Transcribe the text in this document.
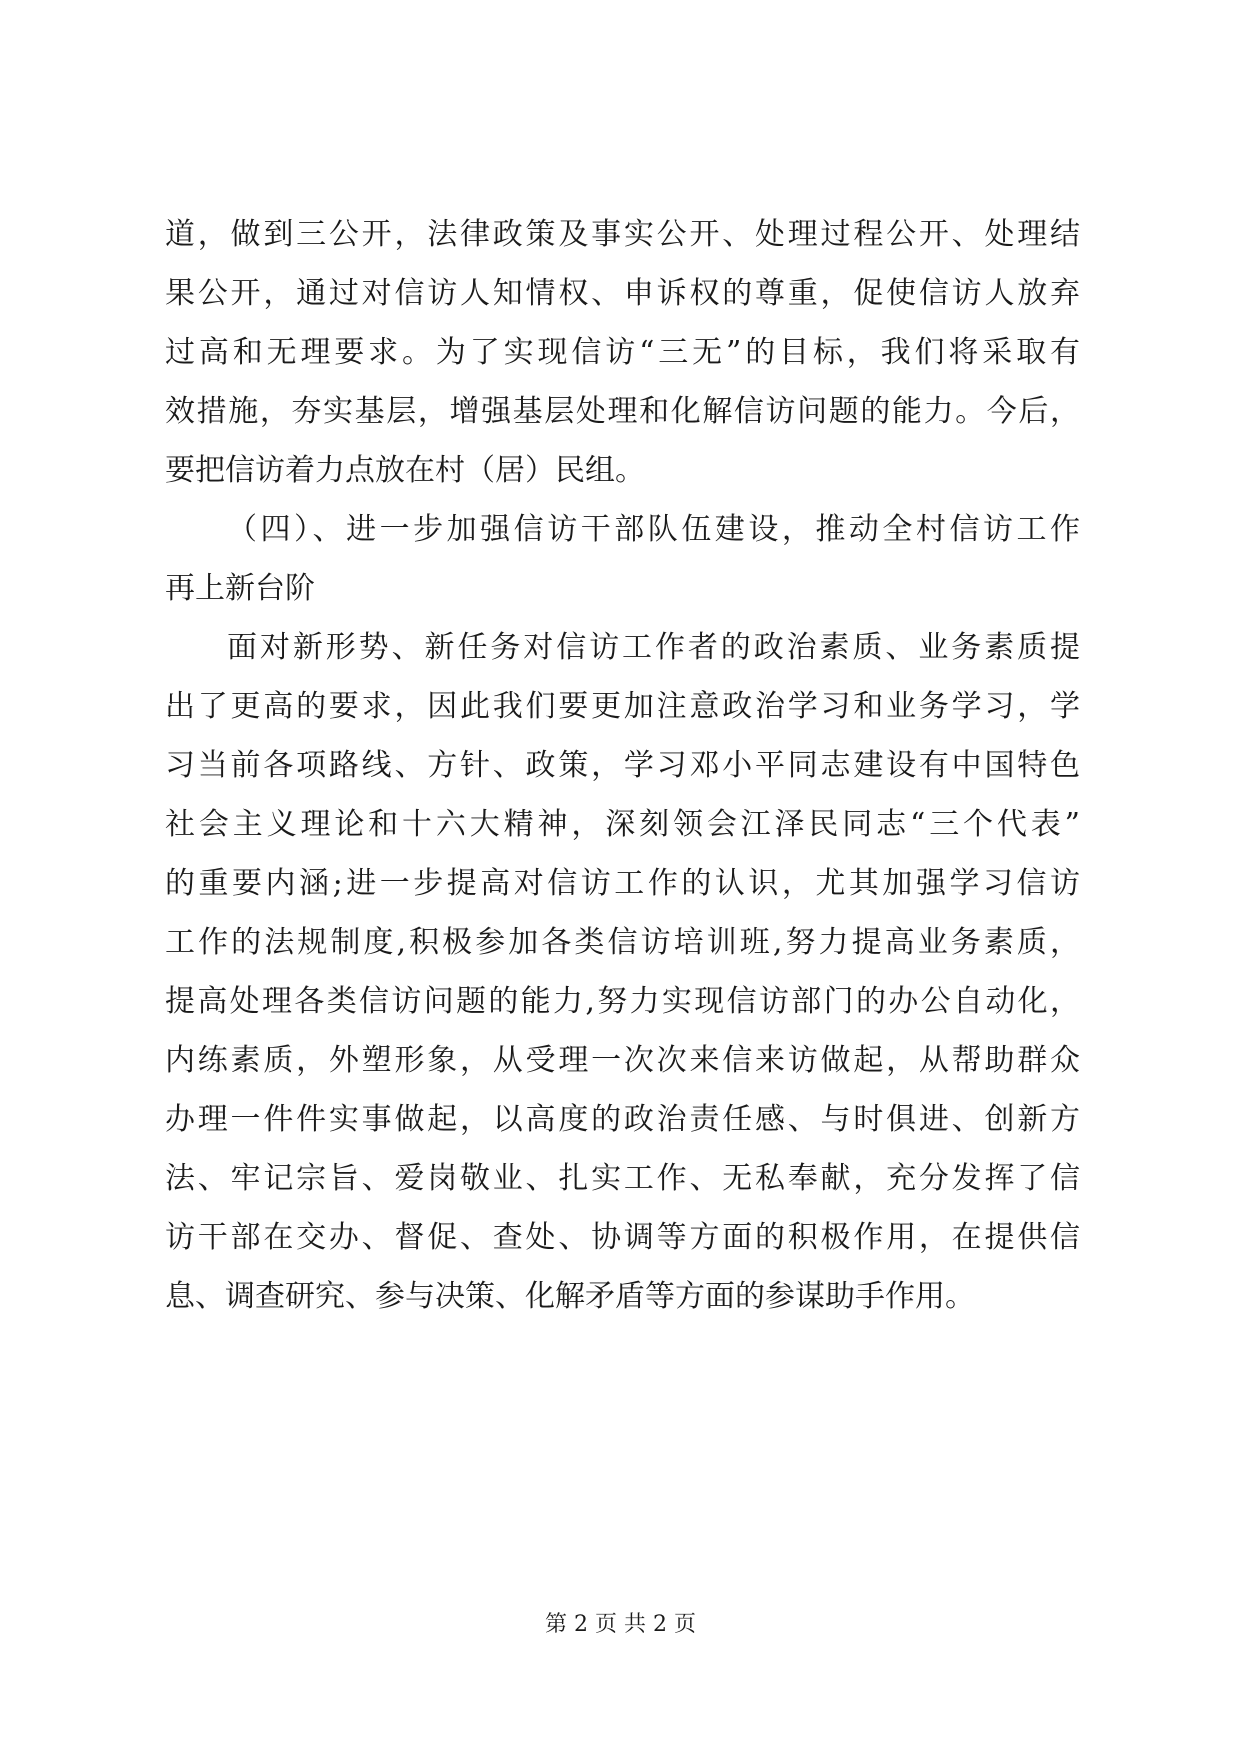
道，做到三公开，法律政策及事实公开、处理过程公开、处理结
果公开，通过对信访人知情权、申诉权的尊重，促使信访人放弃
过高和无理要求。为了实现信访“三无”的目标，我们将采取有
效措施，夯实基层，增强基层处理和化解信访问题的能力。今后，
要把信访着力点放在村（居）民组。
（四）、进一步加强信访干部队伍建设，推动全村信访工作
再上新台阶
面对新形势、新任务对信访工作者的政治素质、业务素质提
出了更高的要求，因此我们要更加注意政治学习和业务学习，学
习当前各项路线、方针、政策，学习邓小平同志建设有中国特色
社会主义理论和十六大精神，深刻领会江泽民同志“三个代表”
的重要内涵;进一步提高对信访工作的认识，尤其加强学习信访
工作的法规制度,积极参加各类信访培训班,努力提高业务素质，
提高处理各类信访问题的能力,努力实现信访部门的办公自动化，
内练素质，外塑形象，从受理一次次来信来访做起，从帮助群众
办理一件件实事做起，以高度的政治责任感、与时俱进、创新方
法、牢记宗旨、爱岗敬业、扎实工作、无私奉献，充分发挥了信
访干部在交办、督促、查处、协调等方面的积极作用，在提供信
息、调查研究、参与决策、化解矛盾等方面的参谋助手作用。
第 2 页 共 2 页
